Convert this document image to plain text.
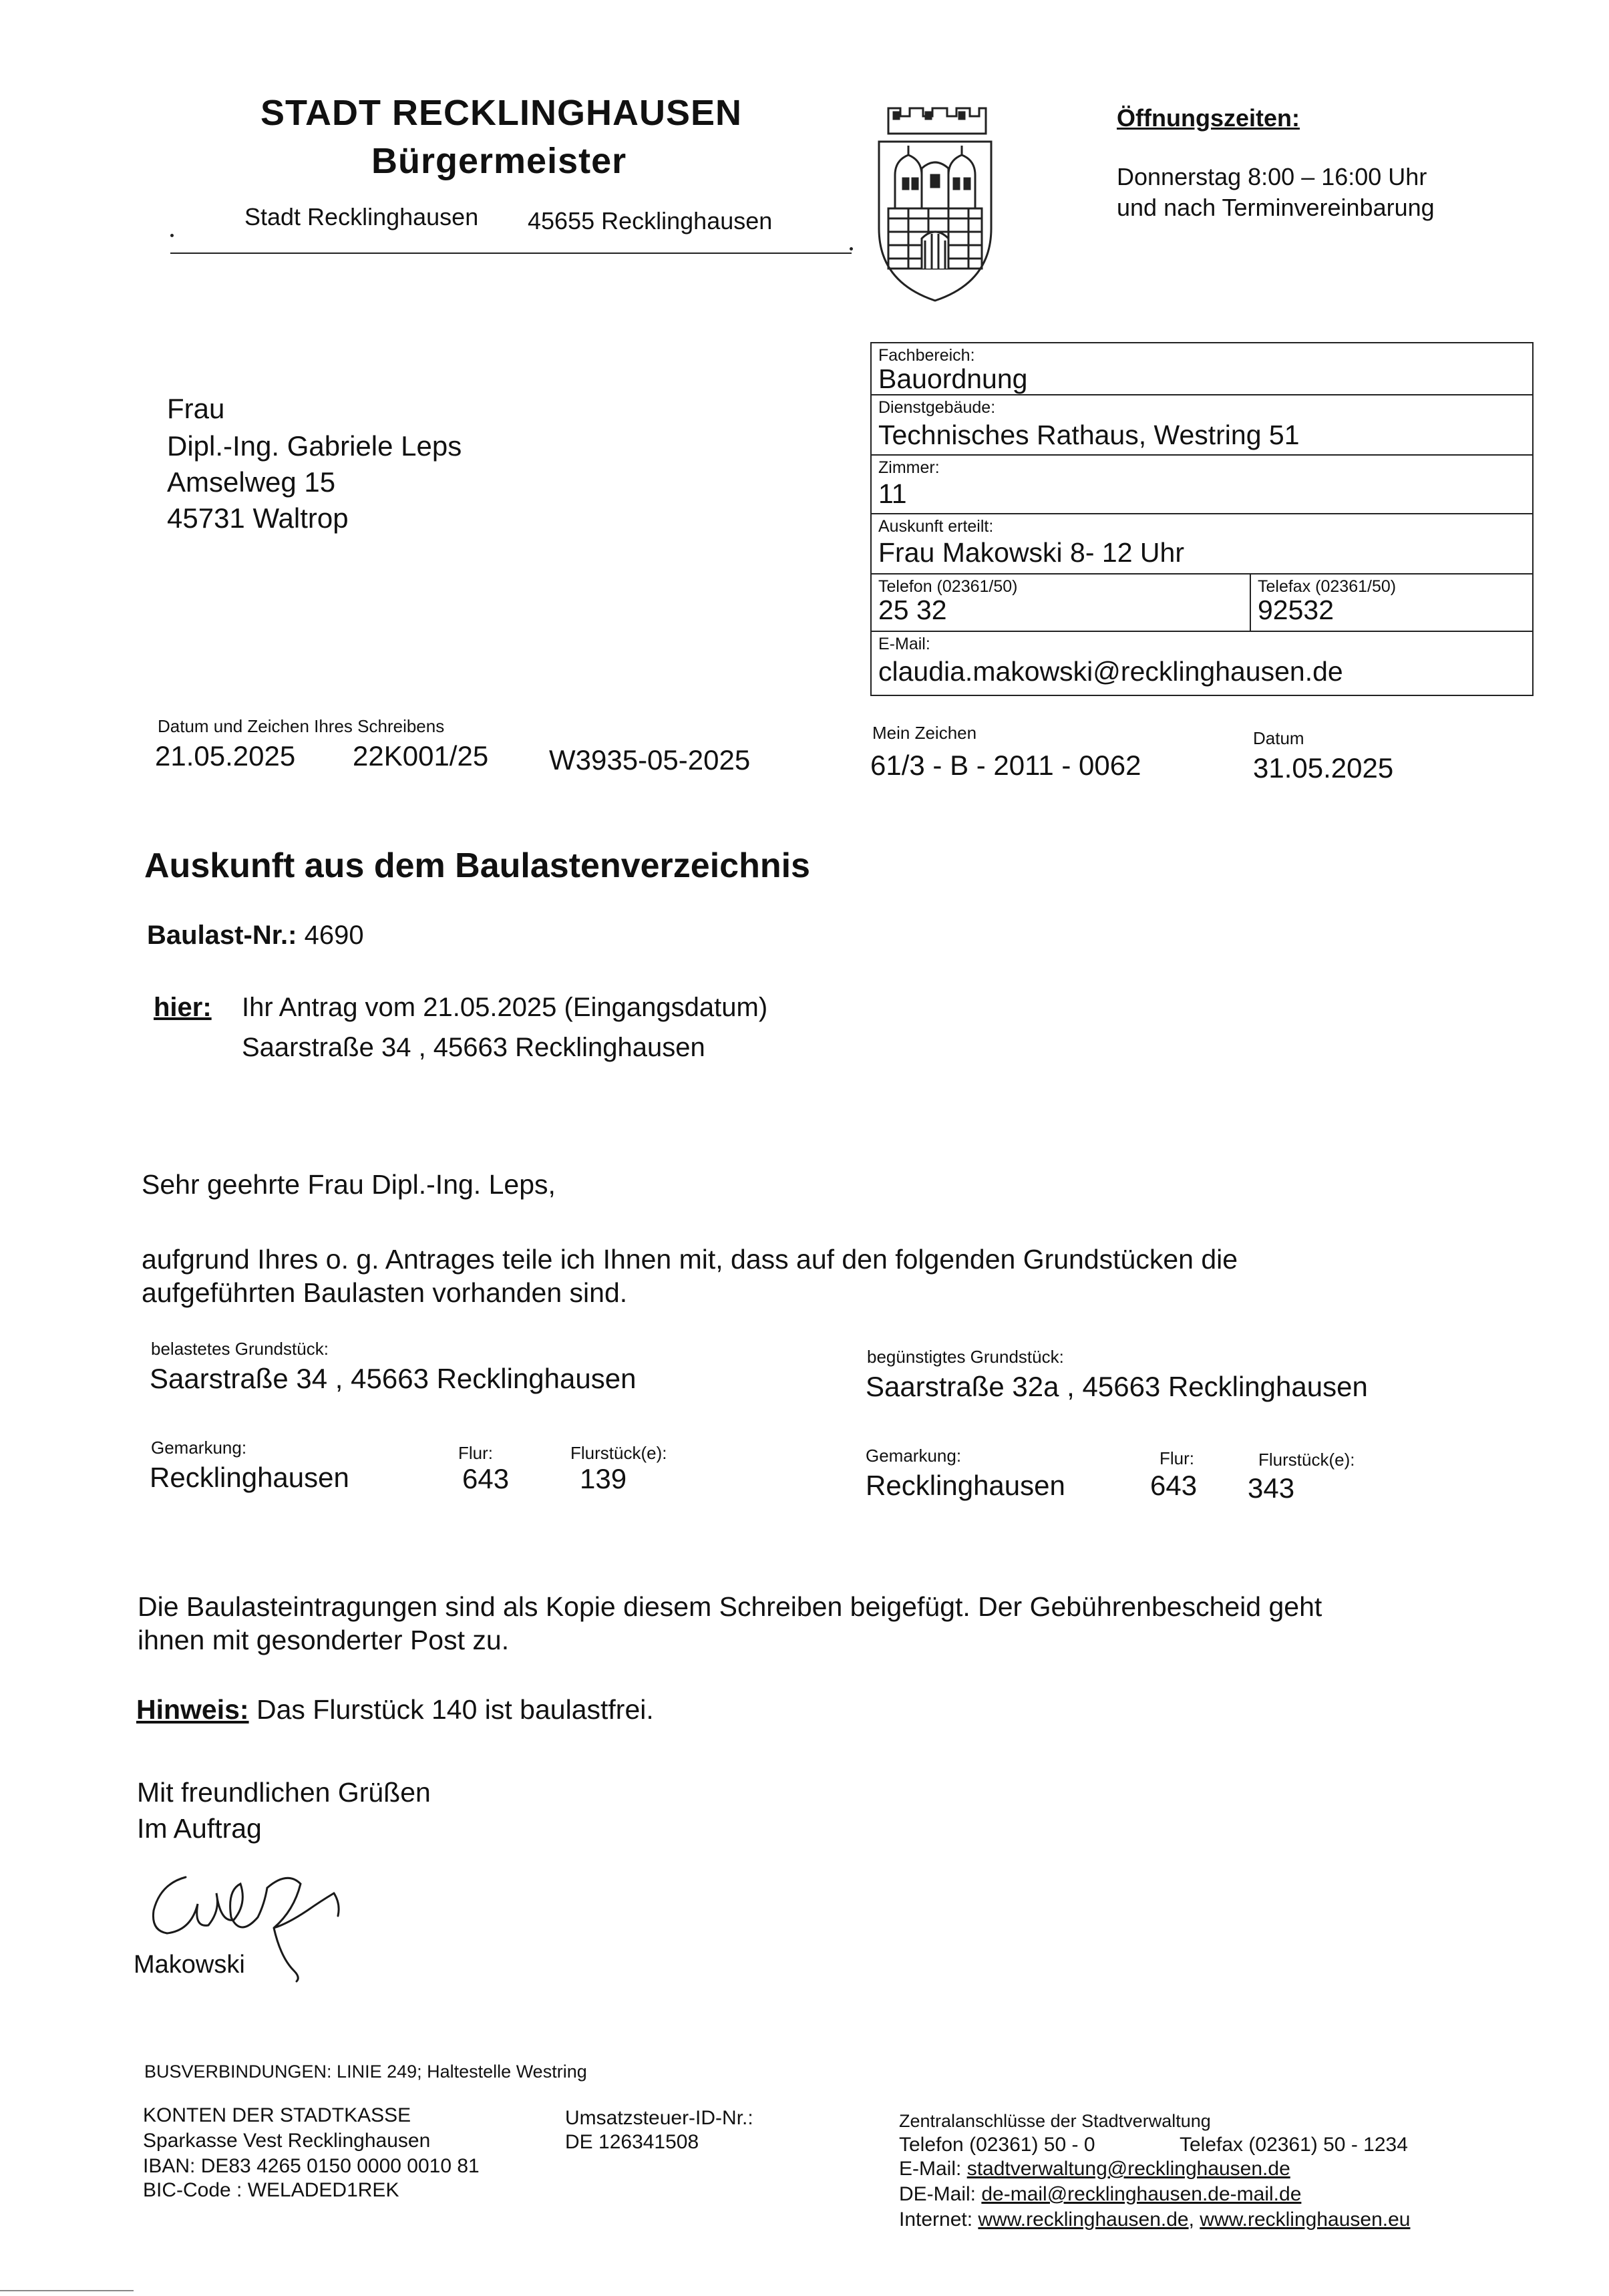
STADT RECKLINGHAUSEN
Bürgermeister
Stadt Recklinghausen 45655 Recklinghausen
Öffnungszeiten:
Donnerstag 8:00 – 16:00 Uhr
und nach Terminvereinbarung
Frau
Dipl.-Ing. Gabriele Leps
Amselweg 15
45731 Waltrop
Fachbereich:
Bauordnung
Dienstgebäude:
Technisches Rathaus, Westring 51
Zimmer:
11
Auskunft erteilt:
Frau Makowski 8- 12 Uhr
Telefon (02361/50)
25 32
Telefax (02361/50)
92532
E-Mail:
claudia.makowski@recklinghausen.de
Datum und Zeichen Ihres Schreibens
21.05.2025 22K001/25 W3935-05-2025
Mein Zeichen
61/3 - B - 2011 - 0062
Datum
31.05.2025
Auskunft aus dem Baulastenverzeichnis
Baulast-Nr.: 4690
hier: Ihr Antrag vom 21.05.2025 (Eingangsdatum)
Saarstraße 34 , 45663 Recklinghausen
Sehr geehrte Frau Dipl.-Ing. Leps,
aufgrund Ihres o. g. Antrages teile ich Ihnen mit, dass auf den folgenden Grundstücken die
aufgeführten Baulasten vorhanden sind.
belastetes Grundstück:
Saarstraße 34 , 45663 Recklinghausen
Gemarkung:
Recklinghausen
Flur:
643
Flurstück(e):
139
begünstigtes Grundstück:
Saarstraße 32a , 45663 Recklinghausen
Gemarkung:
Recklinghausen
Flur:
643
Flurstück(e):
343
Die Baulasteintragungen sind als Kopie diesem Schreiben beigefügt. Der Gebührenbescheid geht
ihnen mit gesonderter Post zu.
Hinweis: Das Flurstück 140 ist baulastfrei.
Mit freundlichen Grüßen
Im Auftrag
Makowski
BUSVERBINDUNGEN: LINIE 249; Haltestelle Westring
KONTEN DER STADTKASSE
Sparkasse Vest Recklinghausen
IBAN: DE83 4265 0150 0000 0010 81
BIC-Code : WELADED1REK
Umsatzsteuer-ID-Nr.:
DE 126341508
Zentralanschlüsse der Stadtverwaltung
Telefon (02361) 50 - 0	Telefax (02361) 50 - 1234
E-Mail: stadtverwaltung@recklinghausen.de
DE-Mail: de-mail@recklinghausen.de-mail.de
Internet: www.recklinghausen.de, www.recklinghausen.eu
